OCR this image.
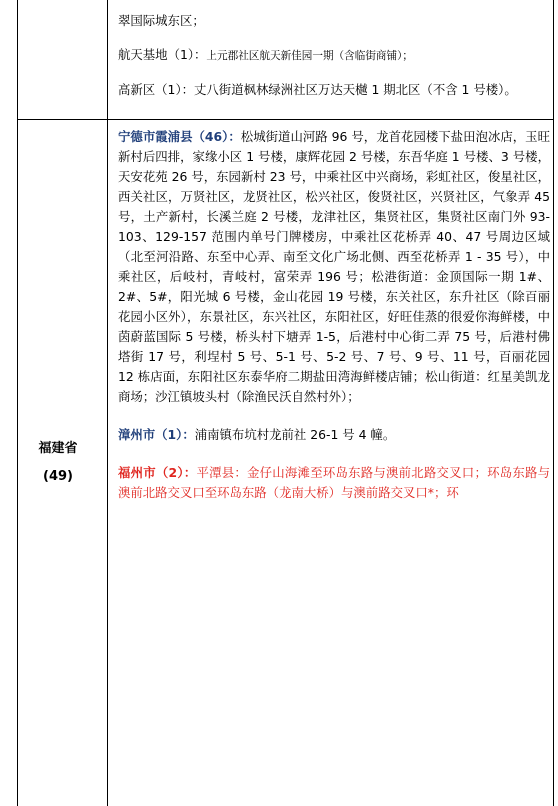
翠国际城东区；

航天基地（1）：上元郡社区航天新佳园一期（含临街商铺）；

高新区（1）：丈八街道枫林绿洲社区万达天樾 1 期北区（不含 1 号楼）。

福建省
(49)

宁德市霞浦县（46）：松城街道山河路 96 号，龙首花园楼下盐田泡冰店，玉旺新村后四排，家缘小区 1 号楼，康辉花园 2 号楼，东吾华庭 1 号楼、3 号楼，天安花苑 26 号，东园新村 23 号，中乘社区中兴商场，彩虹社区，俊星社区，西关社区，万贤社区，龙贤社区，松兴社区，俊贤社区，兴贤社区，气象弄 45 号，土产新村，长溪兰庭 2 号楼，龙津社区，集贤社区，集贤社区南门外 93-103、129-157 范围内单号门牌楼房，中乘社区花桥弄 40、47 号周边区域（北至河沿路、东至中心弄、南至文化广场北侧、西至花桥弄 1 - 35 号），中乘社区，后岐村，青岐村，富荣弄 196 号；松港街道：金顶国际一期 1#、2#、5#，阳光城 6 号楼，金山花园 19 号楼，东关社区，东升社区（除百丽花园小区外），东景社区，东兴社区，东阳社区，好旺佳蒸的很爱你海鲜楼，中茵蔚蓝国际 5 号楼，桥头村下塘弄 1-5，后港村中心街二弄 75 号，后港村佛塔街 17 号，利埕村 5 号、5-1 号、5-2 号、7 号、9 号、11 号，百丽花园 12 栋店面，东阳社区东泰华府二期盐田湾海鲜楼店铺；松山街道：红星美凯龙商场；沙江镇坡头村（除渔民沃自然村外）；

漳州市（1）：浦南镇布坑村龙前社 26-1 号 4 幢。

福州市（2）：平潭县：金仔山海滩至环岛东路与澳前北路交叉口；环岛东路与澳前北路交叉口至环岛东路（龙南大桥）与澳前路交叉口*；环
